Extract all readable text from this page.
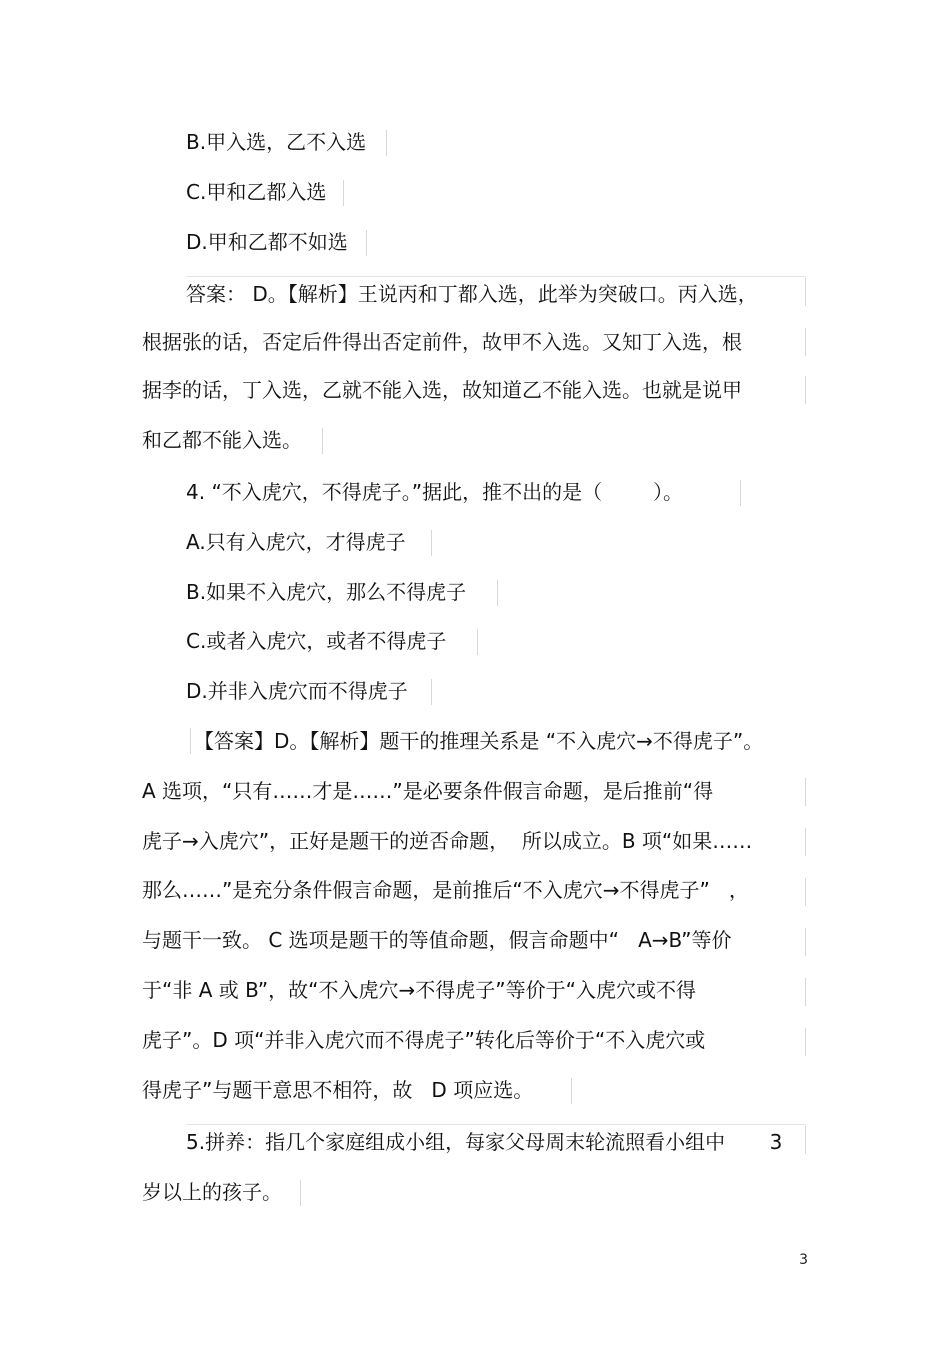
B.甲入选，乙不入选
C.甲和乙都入选
D.甲和乙都不如选
答案： D。【解析】王说丙和丁都入选，此举为突破口。丙入选，
根据张的话，否定后件得出否定前件，故甲不入选。又知丁入选，根
据李的话，丁入选，乙就不能入选，故知道乙不能入选。也就是说甲
和乙都不能入选。
4. “不入虎穴，不得虎子。”据此，推不出的是（        ）。
A.只有入虎穴，才得虎子
B.如果不入虎穴，那么不得虎子
C.或者入虎穴，或者不得虎子
D.并非入虎穴而不得虎子
【答案】D。【解析】题干的推理关系是 “不入虎穴→不得虎子”。
A 选项，“只有……才是……”是必要条件假言命题，是后推前“得
虎子→入虎穴”，正好是题干的逆否命题，  所以成立。B 项“如果……
那么……”是充分条件假言命题，是前推后“不入虎穴→不得虎子”   ，
与题干一致。 C 选项是题干的等值命题，假言命题中“   A→B”等价
于“非 A 或 B”，故“不入虎穴→不得虎子”等价于“入虎穴或不得
虎子”。D 项“并非入虎穴而不得虎子”转化后等价于“不入虎穴或
得虎子”与题干意思不相符，故   D 项应选。
5.拼养：指几个家庭组成小组，每家父母周末轮流照看小组中       3
岁以上的孩子。
3
